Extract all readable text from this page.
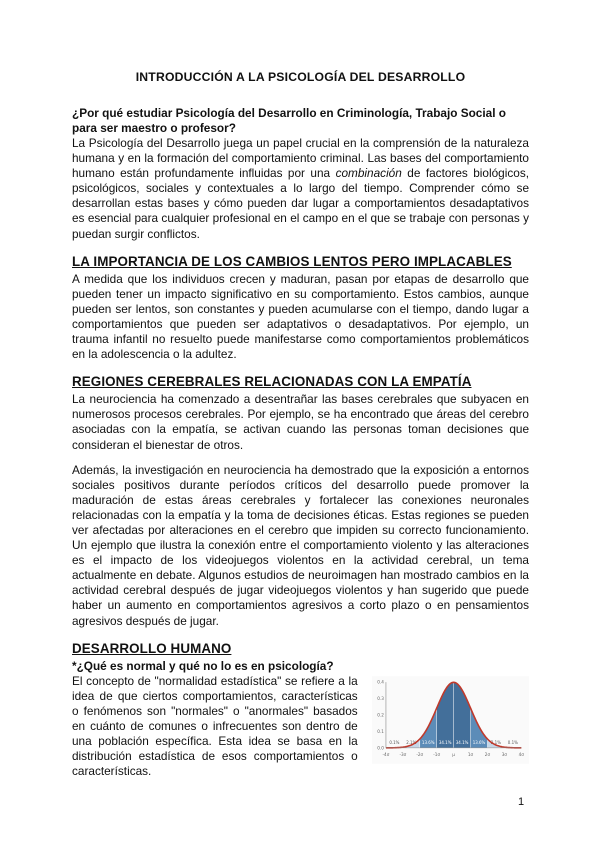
INTRODUCCIÓN A LA PSICOLOGÍA DEL DESARROLLO
¿Por qué estudiar Psicología del Desarrollo en Criminología, Trabajo Social o para ser maestro o profesor?

La Psicología del Desarrollo juega un papel crucial en la comprensión de la naturaleza humana y en la formación del comportamiento criminal. Las bases del comportamiento humano están profundamente influidas por una combinación de factores biológicos, psicológicos, sociales y contextuales a lo largo del tiempo. Comprender cómo se desarrollan estas bases y cómo pueden dar lugar a comportamientos desadaptativos es esencial para cualquier profesional en el campo en el que se trabaje con personas y puedan surgir conflictos.

LA IMPORTANCIA DE LOS CAMBIOS LENTOS PERO IMPLACABLES

A medida que los individuos crecen y maduran, pasan por etapas de desarrollo que pueden tener un impacto significativo en su comportamiento. Estos cambios, aunque pueden ser lentos, son constantes y pueden acumularse con el tiempo, dando lugar a comportamientos que pueden ser adaptativos o desadaptativos. Por ejemplo, un trauma infantil no resuelto puede manifestarse como comportamientos problemáticos en la adolescencia o la adultez.

REGIONES CEREBRALES RELACIONADAS CON LA EMPATÍA

La neurociencia ha comenzado a desentrañar las bases cerebrales que subyacen en numerosos procesos cerebrales. Por ejemplo, se ha encontrado que áreas del cerebro asociadas con la empatía, se activan cuando las personas toman decisiones que consideran el bienestar de otros.

Además, la investigación en neurociencia ha demostrado que la exposición a entornos sociales positivos durante períodos críticos del desarrollo puede promover la maduración de estas áreas cerebrales y fortalecer las conexiones neuronales relacionadas con la empatía y la toma de decisiones éticas. Estas regiones se pueden ver afectadas por alteraciones en el cerebro que impiden su correcto funcionamiento. Un ejemplo que ilustra la conexión entre el comportamiento violento y las alteraciones es el impacto de los videojuegos violentos en la actividad cerebral, un tema actualmente en debate. Algunos estudios de neuroimagen han mostrado cambios en la actividad cerebral después de jugar videojuegos violentos y han sugerido que puede haber un aumento en comportamientos agresivos a corto plazo o en pensamientos agresivos después de jugar.

DESARROLLO HUMANO
*¿Qué es normal y qué no lo es en psicología?

El concepto de "normalidad estadística" se refiere a la idea de que ciertos comportamientos, características o fenómenos son "normales" o "anormales" basados en cuánto de comunes o infrecuentes son dentro de una población específica. Esta idea se basa en la distribución estadística de esos comportamientos o características.

-4σ -3σ -2σ -1σ	μ	1σ	2σ	3σ	4σ
0.0
0.1
0.2
0.3
0.4
0.1% 2.1% 13.6% 34.1% 34.1% 13.6% 2.1% 0.1%
1
